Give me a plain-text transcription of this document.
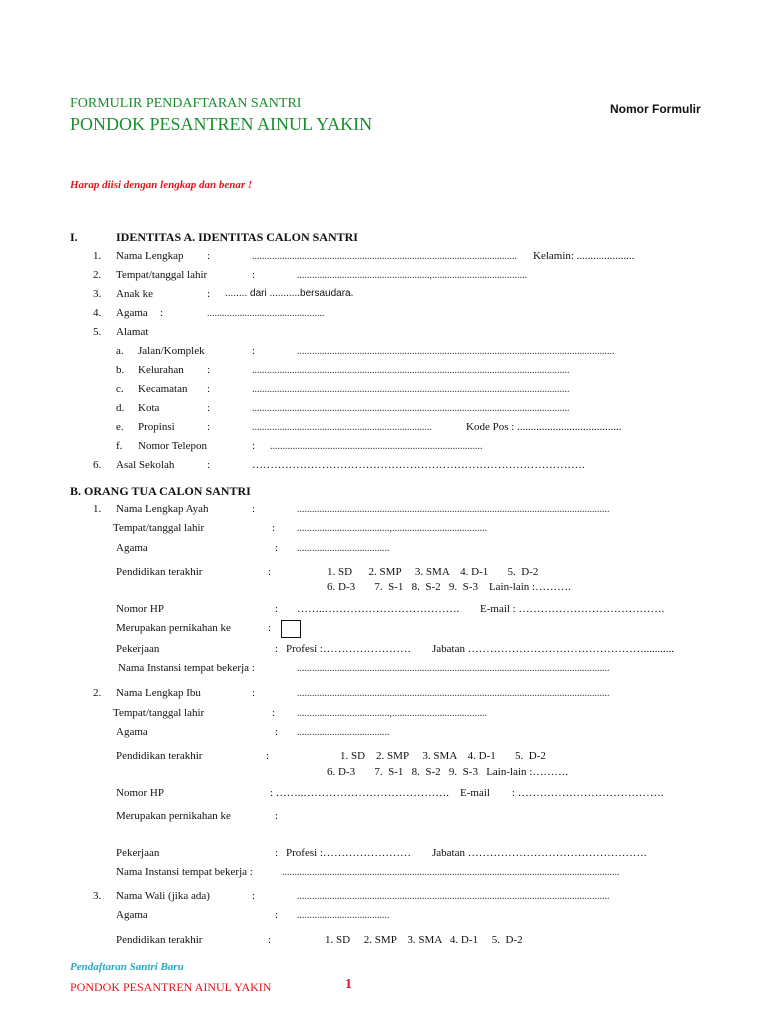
FORMULIR PENDAFTARAN SANTRI
PONDOK PESANTREN AINUL YAKIN
Nomor Formulir
Harap diisi dengan lengkap dan benar !
I.	IDENTITAS A. IDENTITAS CALON SANTRI
1. Nama Lengkap :	.......................................................................................................... Kelamin: .....................
2. Tempat/tanggal lahir	:	.....................................................,......................................
3. Anak ke	: ........ dari ...........bersaudara.
4. Agama :	...............................................
5. Alamat
a. Jalan/Komplek	:	...............................................................................................................................
b. Kelurahan :	...............................................................................................................................
c. Kecamatan :	...............................................................................................................................
d. Kota	:	...............................................................................................................................
e. Propinsi	:	........................................................................	Kode Pos : ......................................
f. Nomor Telepon	: .....................................................................................
6. Asal Sekolah	:	……………………………………………………………………………….
B. ORANG TUA CALON SANTRI
1. Nama Lengkap Ayah	:	.............................................................................................................................
Tempat/tanggal lahir	: .....................................,......................................
Agama	: .....................................
Pendidikan terakhir	:	1. SD      2. SMP     3. SMA    4. D-1       5.  D-2
6. D-3       7.  S-1   8.  S-2   9.  S-3    Lain-lain :……….
Nomor HP	: ……..………………………………. E-mail : ………………………………….
Merupakan pernikahan ke	:
Pekerjaan	: Profesi :…………………… Jabatan …………………………………………...........
Nama Instansi tempat bekerja :	.............................................................................................................................
2. Nama Lengkap Ibu	:	.............................................................................................................................
Tempat/tanggal lahir	: .....................................,......................................
Agama	: .....................................
Pendidikan terakhir	:	1. SD    2. SMP     3. SMA    4. D-1       5.  D-2
6. D-3       7.  S-1   8.  S-2   9.  S-3   Lain-lain :……….
Nomor HP	: ……..…………………………………. E-mail        : ………………………………….
Merupakan pernikahan ke	:
Pekerjaan	: Profesi :…………………… Jabatan ………………………………………….
Nama Instansi tempat bekerja :	.......................................................................................................................................
3. Nama Wali (jika ada)	:	.............................................................................................................................
Agama	: .....................................
Pendidikan terakhir	:	1. SD     2. SMP    3. SMA   4. D-1     5.  D-2
Pendaftaran Santri Baru
PONDOK PESANTREN AINUL YAKIN	1
